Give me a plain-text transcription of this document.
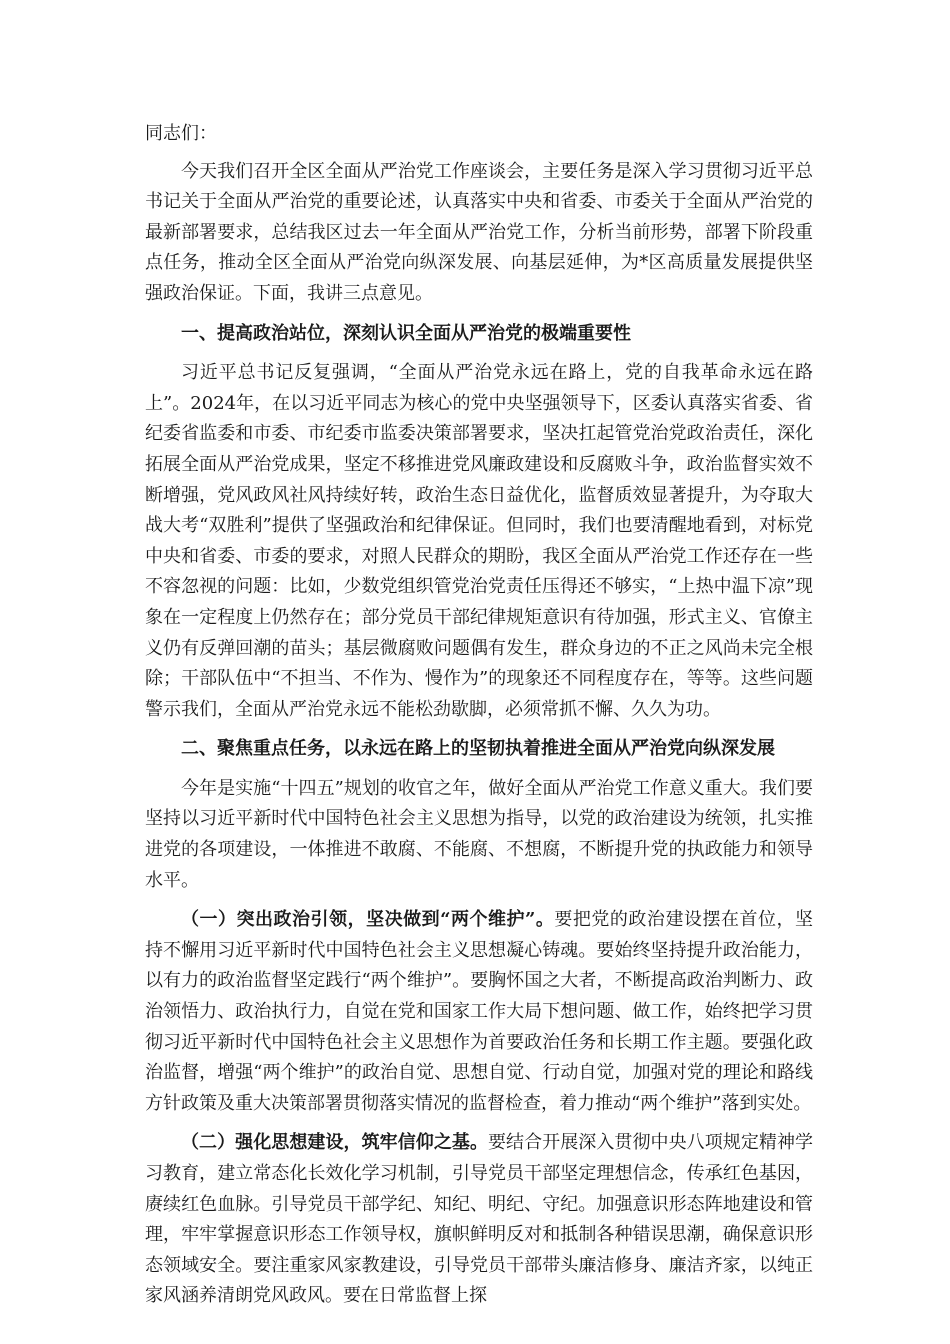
同志们：

今天我们召开全区全面从严治党工作座谈会，主要任务是深入学习贯彻习近平总书记关于全面从严治党的重要论述，认真落实中央和省委、市委关于全面从严治党的最新部署要求，总结我区过去一年全面从严治党工作，分析当前形势，部署下阶段重点任务，推动全区全面从严治党向纵深发展、向基层延伸，为*区高质量发展提供坚强政治保证。下面，我讲三点意见。

一、提高政治站位，深刻认识全面从严治党的极端重要性

习近平总书记反复强调，“全面从严治党永远在路上，党的自我革命永远在路上”。2024年，在以习近平同志为核心的党中央坚强领导下，区委认真落实省委、省纪委省监委和市委、市纪委市监委决策部署要求，坚决扛起管党治党政治责任，深化拓展全面从严治党成果，坚定不移推进党风廉政建设和反腐败斗争，政治监督实效不断增强，党风政风社风持续好转，政治生态日益优化，监督质效显著提升，为夺取大战大考“双胜利”提供了坚强政治和纪律保证。但同时，我们也要清醒地看到，对标党中央和省委、市委的要求，对照人民群众的期盼，我区全面从严治党工作还存在一些不容忽视的问题：比如，少数党组织管党治党责任压得还不够实，“上热中温下凉”现象在一定程度上仍然存在；部分党员干部纪律规矩意识有待加强，形式主义、官僚主义仍有反弹回潮的苗头；基层微腐败问题偶有发生，群众身边的不正之风尚未完全根除；干部队伍中“不担当、不作为、慢作为”的现象还不同程度存在，等等。这些问题警示我们，全面从严治党永远不能松劲歇脚，必须常抓不懈、久久为功。

二、聚焦重点任务，以永远在路上的坚韧执着推进全面从严治党向纵深发展

今年是实施“十四五”规划的收官之年，做好全面从严治党工作意义重大。我们要坚持以习近平新时代中国特色社会主义思想为指导，以党的政治建设为统领，扎实推进党的各项建设，一体推进不敢腐、不能腐、不想腐，不断提升党的执政能力和领导水平。

（一）突出政治引领，坚决做到“两个维护”。要把党的政治建设摆在首位，坚持不懈用习近平新时代中国特色社会主义思想凝心铸魂。要始终坚持提升政治能力，以有力的政治监督坚定践行“两个维护”。要胸怀国之大者，不断提高政治判断力、政治领悟力、政治执行力，自觉在党和国家工作大局下想问题、做工作，始终把学习贯彻习近平新时代中国特色社会主义思想作为首要政治任务和长期工作主题。要强化政治监督，增强“两个维护”的政治自觉、思想自觉、行动自觉，加强对党的理论和路线方针政策及重大决策部署贯彻落实情况的监督检查，着力推动“两个维护”落到实处。

（二）强化思想建设，筑牢信仰之基。要结合开展深入贯彻中央八项规定精神学习教育，建立常态化长效化学习机制，引导党员干部坚定理想信念，传承红色基因，赓续红色血脉。引导党员干部学纪、知纪、明纪、守纪。加强意识形态阵地建设和管理，牢牢掌握意识形态工作领导权，旗帜鲜明反对和抵制各种错误思潮，确保意识形态领域安全。要注重家风家教建设，引导党员干部带头廉洁修身、廉洁齐家，以纯正家风涵养清朗党风政风。要在日常监督上探
